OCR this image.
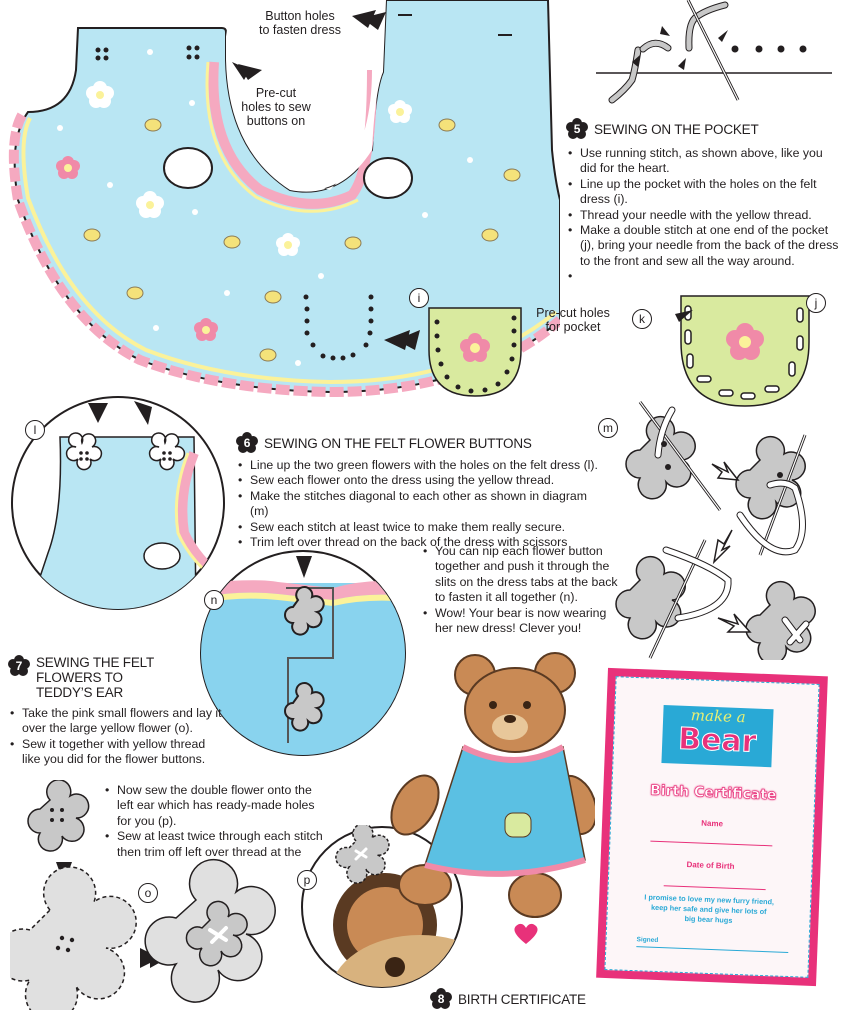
Button holes
to fasten dress
Pre-cut
holes to sew
buttons on
Pre-cut holes
for pocket
i
5	SEWING ON THE POCKET
• Use running stitch, as shown above, like you did for the heart.
• Line up the pocket with the holes on the felt dress (i).
• Thread your needle with the yellow thread.
• Make a double stitch at one end of the pocket (j), bring your needle from the back of the dress to the front and sew all the way around.
•
j
k
l
6	SEWING ON THE FELT FLOWER BUTTONS
• Line up the two green flowers with the holes on the felt dress (l).
• Sew each flower onto the dress using the yellow thread.
• Make the stitches diagonal to each other as shown in diagram (m)
• Sew each stitch at least twice to make them really secure.
• Trim left over thread on the back of the dress with scissors
• You can nip each flower button together and push it through the slits on the dress tabs at the back to fasten it all together (n).
• Wow! Your bear is now wearing her new dress! Clever you!
m
n
7	SEWING THE FELT
FLOWERS TO
TEDDY’S EAR
• Take the pink small flowers and lay it over the large yellow flower (o).
• Sew it together with yellow thread like you did for the flower buttons.
• Now sew the double flower onto the left ear which has ready-made holes for you (p).
• Sew at least twice through each stitch then trim off left over thread at the
o
p
8	BIRTH CERTIFICATE
make a
Bear
Birth Certificate
Name
Date of Birth
I promise to love my new furry friend,
keep her safe and give her lots of
big bear hugs
Signed
